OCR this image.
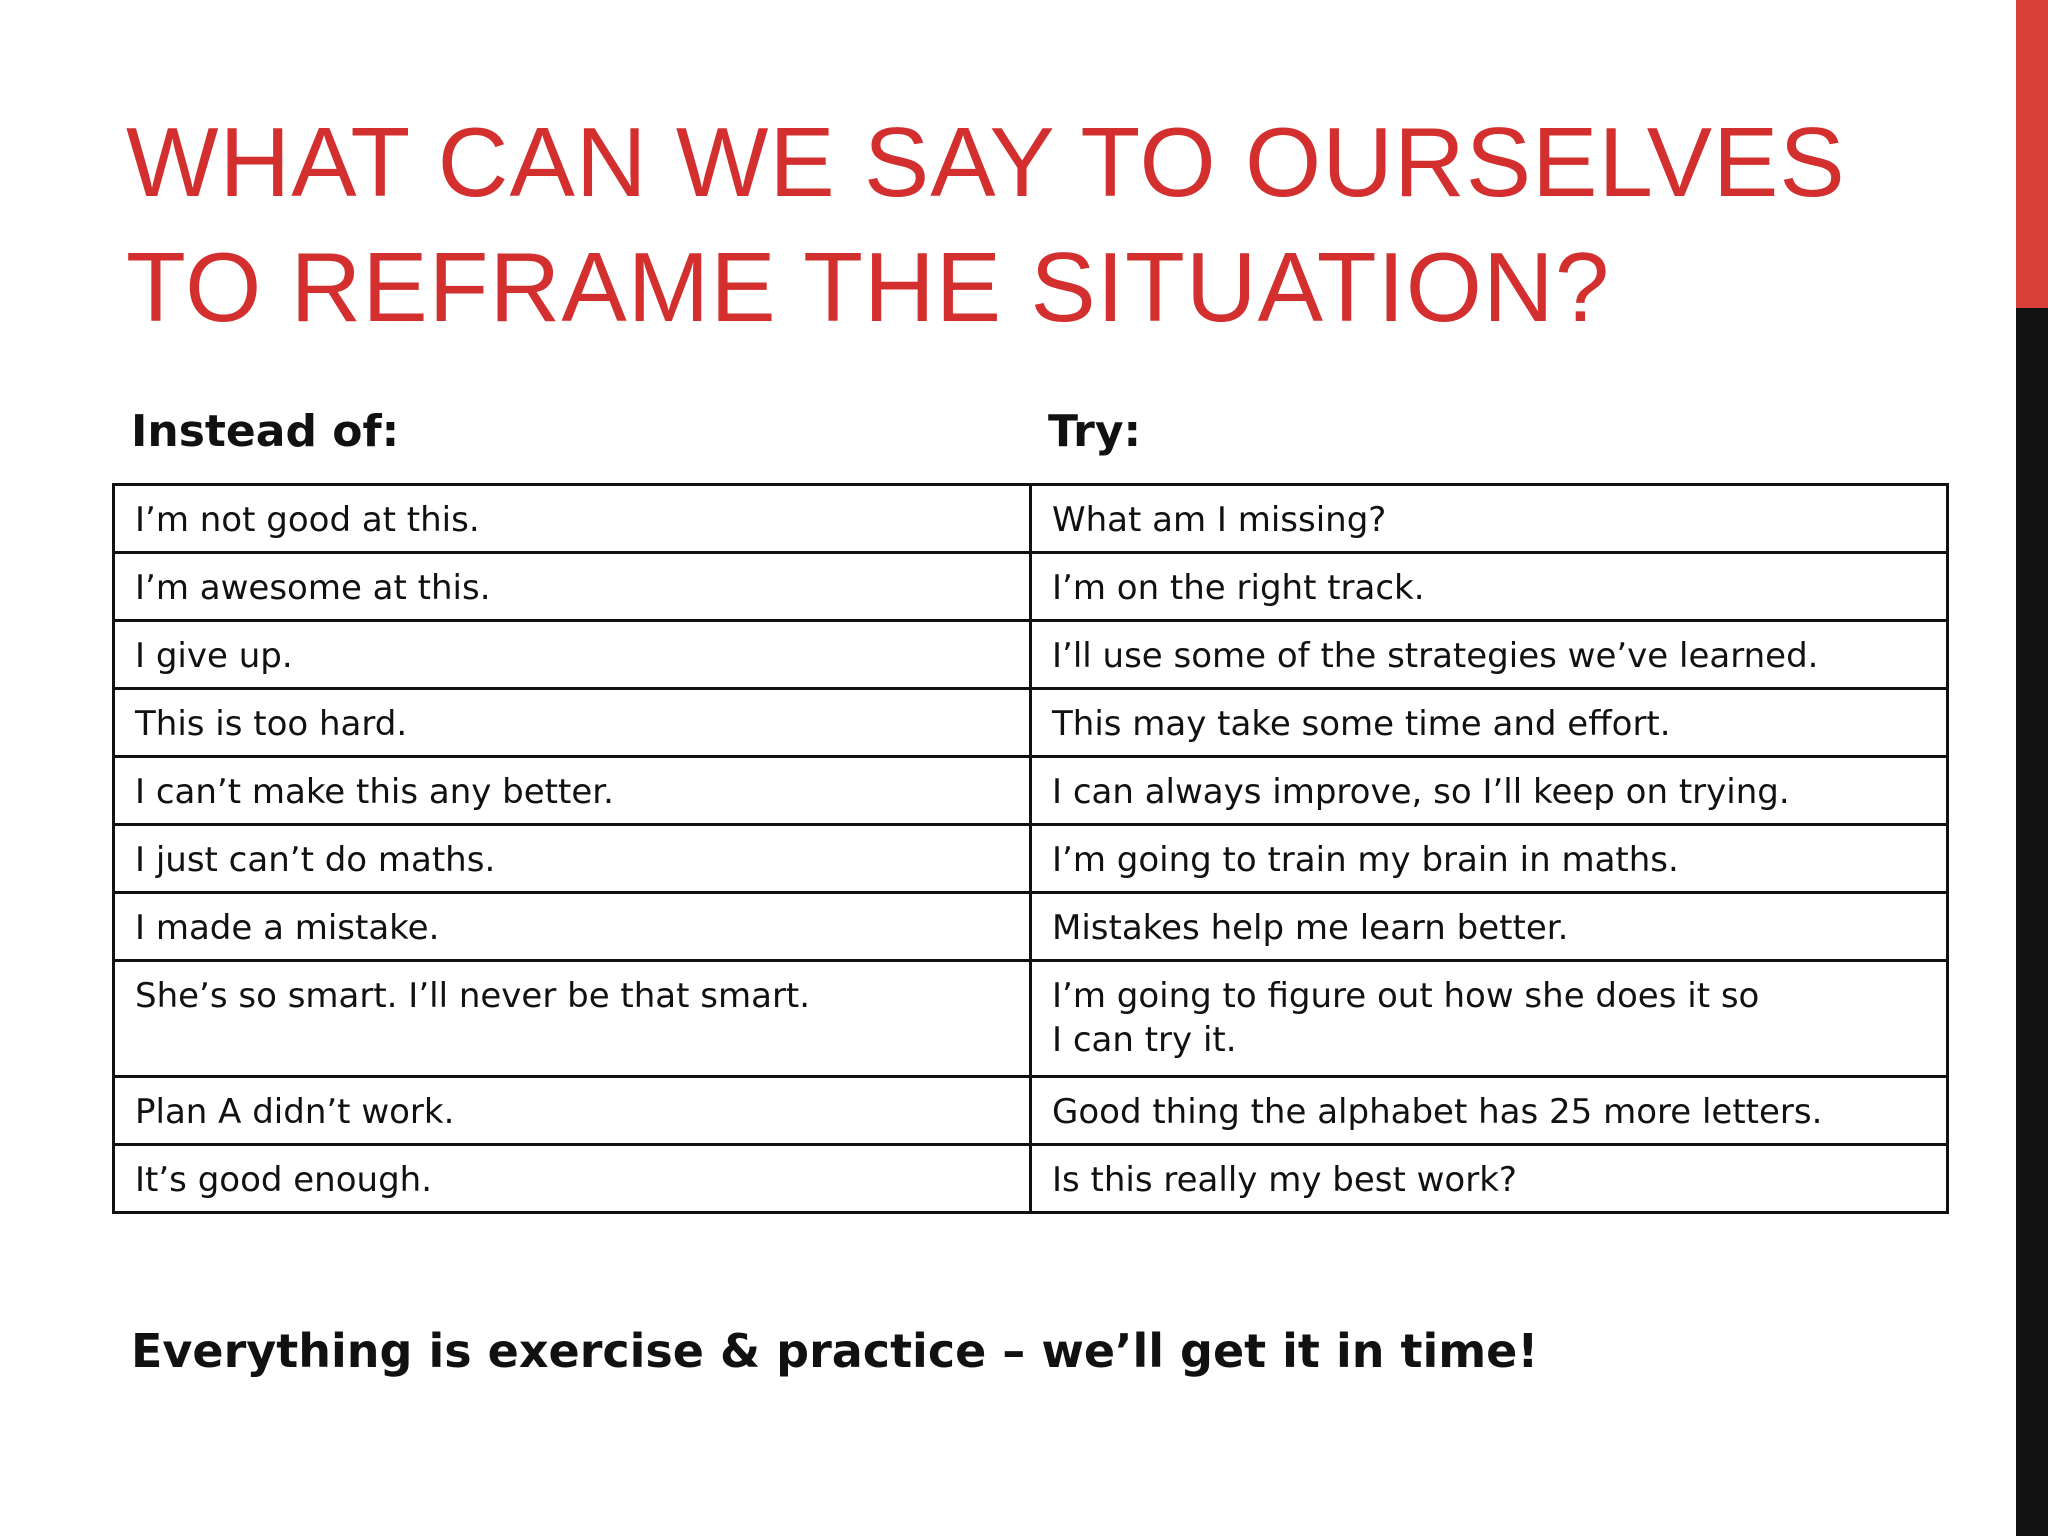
WHAT CAN WE SAY TO OURSELVES TO REFRAME THE SITUATION?
Instead of:	Try:
I’m not good at this.	What am I missing?
I’m awesome at this.	I’m on the right track.
I give up.	I’ll use some of the strategies we’ve learned.
This is too hard.	This may take some time and effort.
I can’t make this any better.	I can always improve, so I’ll keep on trying.
I just can’t do maths.	I’m going to train my brain in maths.
I made a mistake.	Mistakes help me learn better.
She’s so smart. I’ll never be that smart.	I’m going to figure out how she does it so
I can try it.
Plan A didn’t work.	Good thing the alphabet has 25 more letters.
It’s good enough.	Is this really my best work?
Everything is exercise & practice – we’ll get it in time!
